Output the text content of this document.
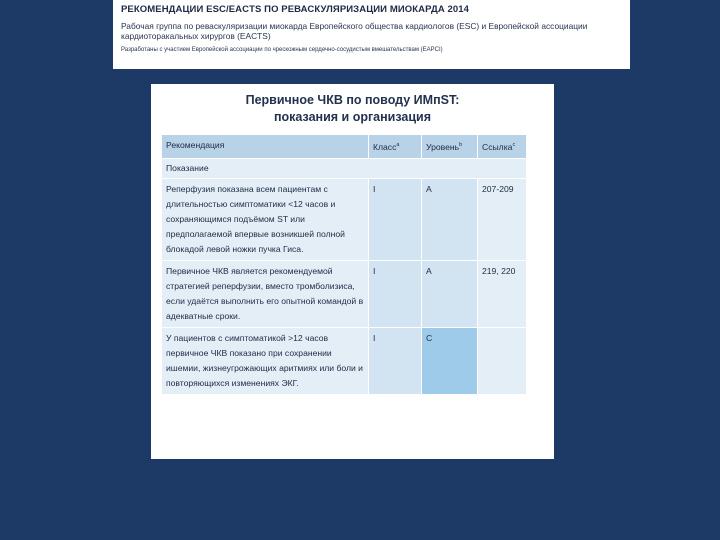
РЕКОМЕНДАЦИИ ESC/EACTS ПО РЕВАСКУЛЯРИЗАЦИИ МИОКАРДА 2014
Рабочая группа по реваскуляризации миокарда Европейского общества кардиологов (ESC) и Европейской ассоциации кардиоторакальных хирургов (EACTS)
Разработаны с участием Европейской ассоциации по чрескожным сердечно-сосудистым вмешательствам (EAPCI)
Первичное ЧКВ по поводу ИМпST:
показания и организация
Рекомендация	Класс$^a$	Уровень$^b$	Ссылка$^c$
Показание			
Реперфузия показана всем пациентам с длительностью симптоматики <12 часов и сохраняющимся подъёмом ST или предполагаемой впервые возникшей полной блокадой левой ножки пучка Гиса.	I	A	207-209
Первичное ЧКВ является рекомендуемой стратегией реперфузии, вместо тромболизиса, если удаётся выполнить его опытной командой в адекватные сроки.	I	A	219, 220
У пациентов с симптоматикой >12 часов первичное ЧКВ показано при сохранении ишемии, жизнеугрожающих аритмиях или боли и повторяющихся изменениях ЭКГ.	I	C	
